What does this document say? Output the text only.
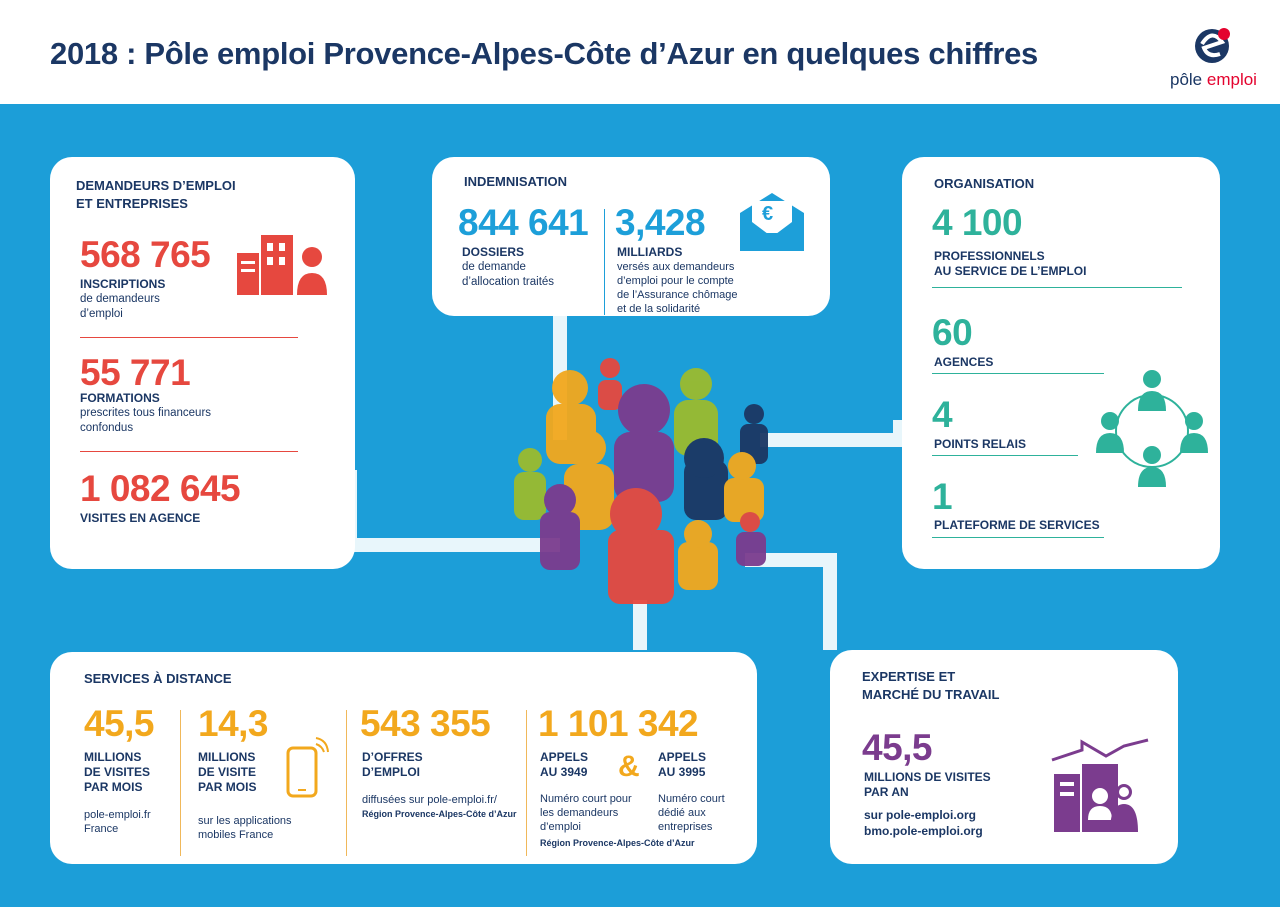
2018 : Pôle emploi Provence-Alpes-Côte d’Azur en quelques chiffres
pôle emploi
DEMANDEURS D’EMPLOI
ET ENTREPRISES
568 765
INSCRIPTIONS
de demandeurs
d’emploi
55 771
FORMATIONS
prescrites tous financeurs
confondus
1 082 645
VISITES EN AGENCE
INDEMNISATION
844 641
DOSSIERS
de demande
d’allocation traités
3,428
MILLIARDS
versés aux demandeurs
d’emploi pour le compte
de l’Assurance chômage
et de la solidarité
€
ORGANISATION
4 100
PROFESSIONNELS
AU SERVICE DE L’EMPLOI
60
AGENCES
4
POINTS RELAIS
1
PLATEFORME DE SERVICES
SERVICES À DISTANCE
45,5
MILLIONS
DE VISITES
PAR MOIS
pole-emploi.fr
France
14,3
MILLIONS
DE VISITE
PAR MOIS
sur les applications
mobiles France
543 355
D’OFFRES
D’EMPLOI
diffusées sur pole-emploi.fr/
Région Provence-Alpes-Côte d’Azur
1 101 342
APPELS
AU 3949 & APPELS
AU 3995
Numéro court pour
les demandeurs
d’emploi
Numéro court
dédié aux
entreprises
Région Provence-Alpes-Côte d’Azur
EXPERTISE ET
MARCHÉ DU TRAVAIL
45,5
MILLIONS DE VISITES
PAR AN
sur pole-emploi.org
bmo.pole-emploi.org
